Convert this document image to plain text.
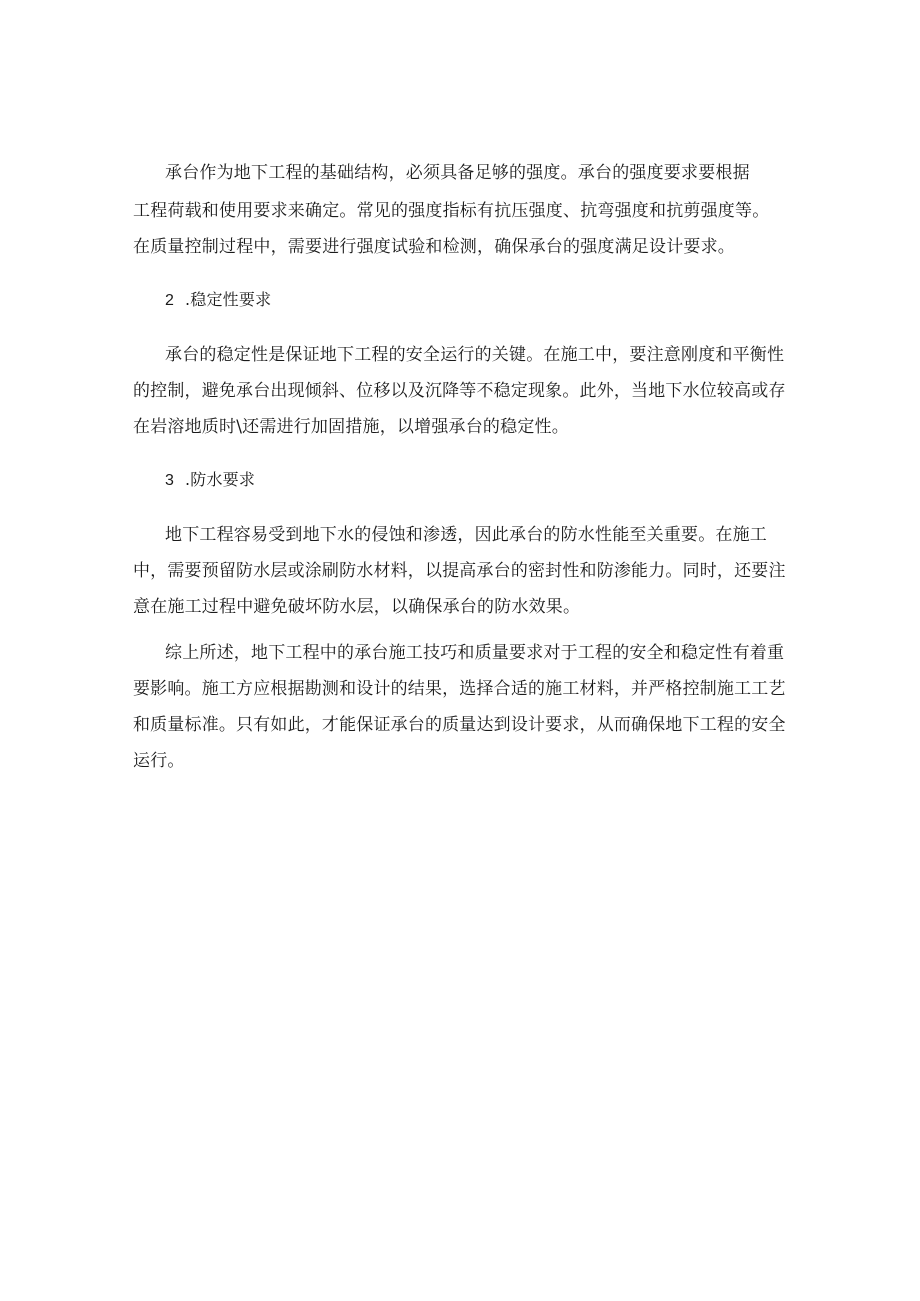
承台作为地下工程的基础结构，必须具备足够的强度。承台的强度要求要根据
工程荷载和使用要求来确定。常见的强度指标有抗压强度、抗弯强度和抗剪强度等。
在质量控制过程中，需要进行强度试验和检测，确保承台的强度满足设计要求。
2 .稳定性要求
承台的稳定性是保证地下工程的安全运行的关键。在施工中，要注意刚度和平衡性
的控制，避免承台出现倾斜、位移以及沉降等不稳定现象。此外，当地下水位较高或存
在岩溶地质时\还需进行加固措施，以增强承台的稳定性。
3 .防水要求
地下工程容易受到地下水的侵蚀和渗透，因此承台的防水性能至关重要。在施工
中，需要预留防水层或涂刷防水材料，以提高承台的密封性和防渗能力。同时，还要注
意在施工过程中避免破坏防水层，以确保承台的防水效果。
综上所述，地下工程中的承台施工技巧和质量要求对于工程的安全和稳定性有着重
要影响。施工方应根据勘测和设计的结果，选择合适的施工材料，并严格控制施工工艺
和质量标准。只有如此，才能保证承台的质量达到设计要求，从而确保地下工程的安全
运行。
